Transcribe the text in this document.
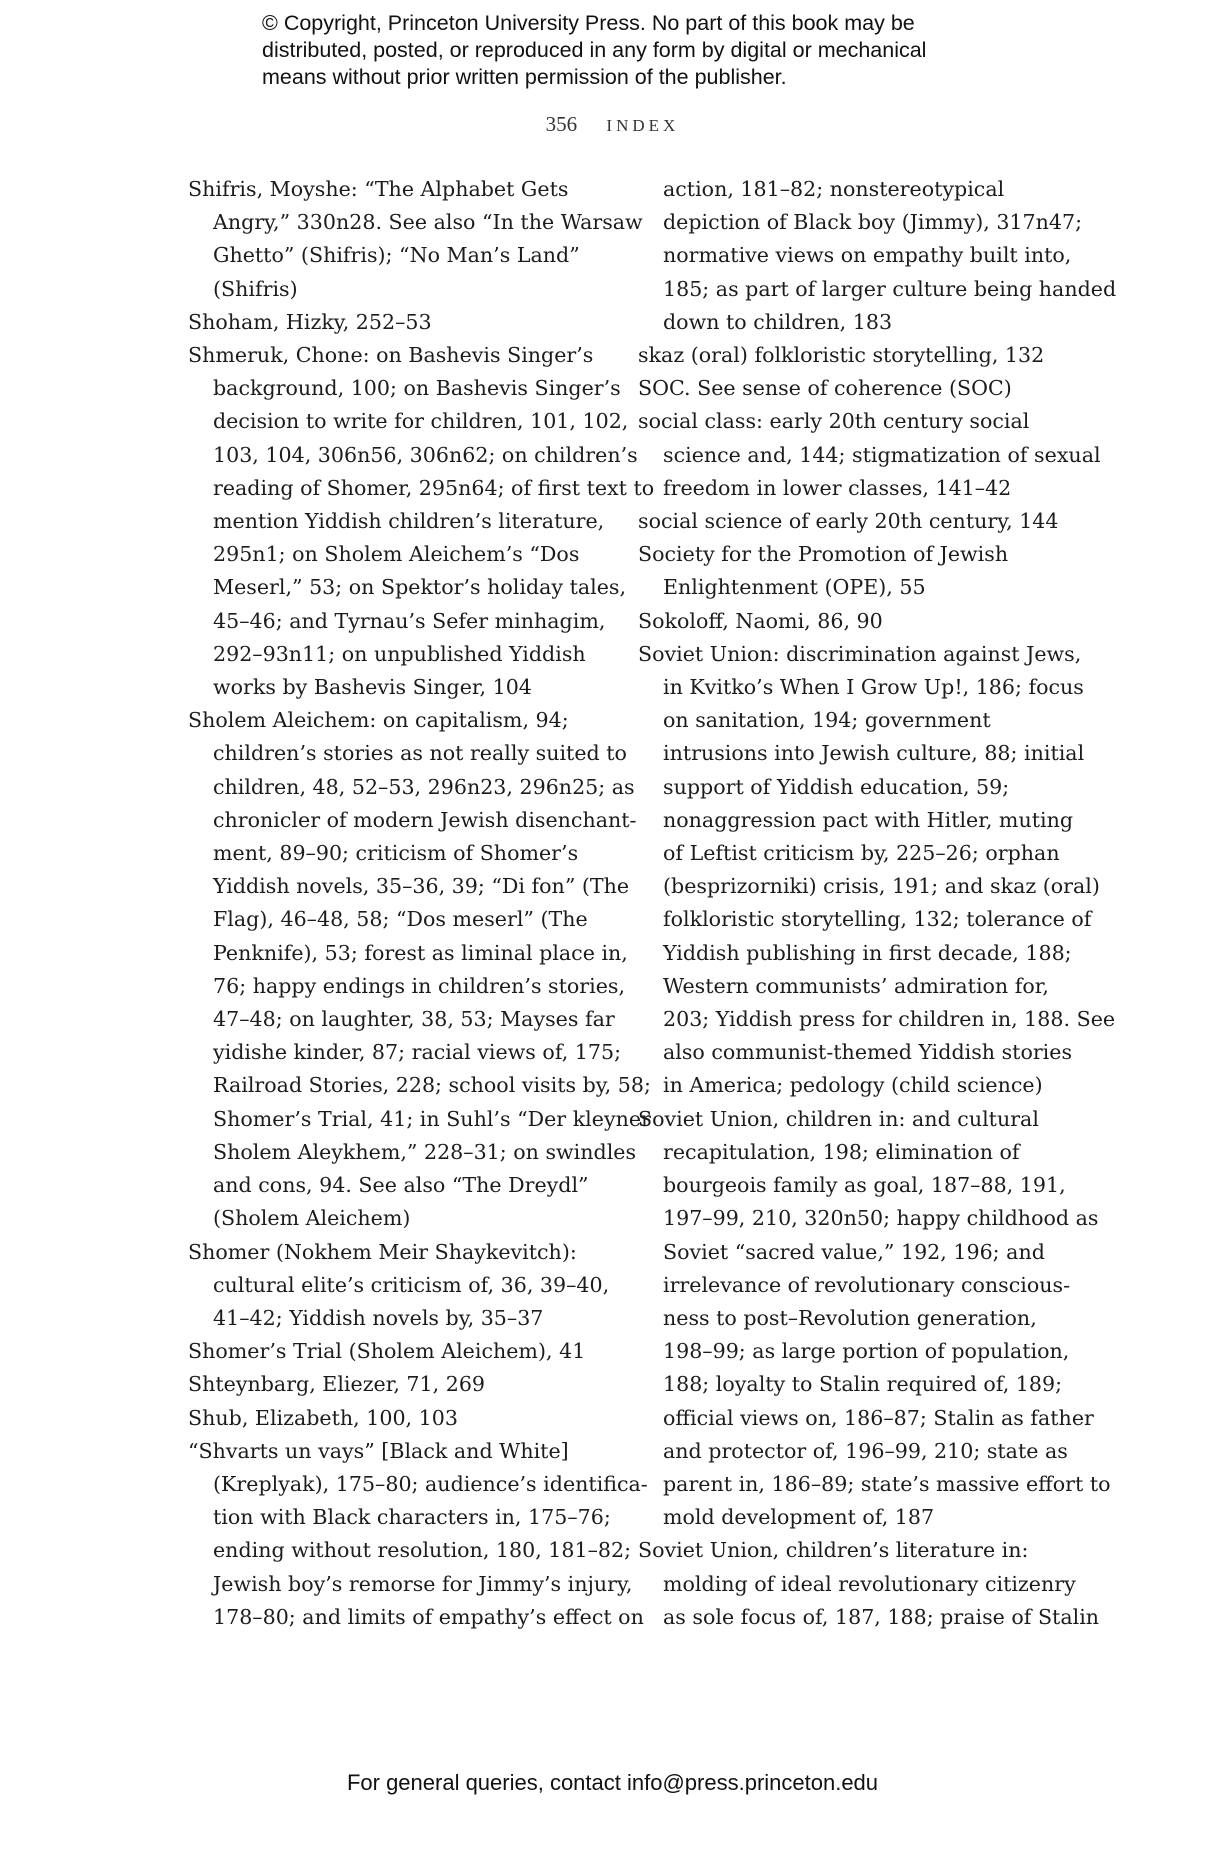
© Copyright, Princeton University Press. No part of this book may be
distributed, posted, or reproduced in any form by digital or mechanical
means without prior written permission of the publisher.
356 INDEX
Shifris, Moyshe: “The Alphabet Gets
Angry,” 330n28. See also “In the Warsaw
Ghetto” (Shifris); “No Man’s Land”
(Shifris)
Shoham, Hizky, 252–53
Shmeruk, Chone: on Bashevis Singer’s
background, 100; on Bashevis Singer’s
decision to write for children, 101, 102,
103, 104, 306n56, 306n62; on children’s
reading of Shomer, 295n64; of first text to
mention Yiddish children’s literature,
295n1; on Sholem Aleichem’s “Dos
Meserl,” 53; on Spektor’s holiday tales,
45–46; and Tyrnau’s Sefer minhagim,
292–93n11; on unpublished Yiddish
works by Bashevis Singer, 104
Sholem Aleichem: on capitalism, 94;
children’s stories as not really suited to
children, 48, 52–53, 296n23, 296n25; as
chronicler of modern Jewish disenchant-
ment, 89–90; criticism of Shomer’s
Yiddish novels, 35–36, 39; “Di fon” (The
Flag), 46–48, 58; “Dos meserl” (The
Penknife), 53; forest as liminal place in,
76; happy endings in children’s stories,
47–48; on laughter, 38, 53; Mayses far
yidishe kinder, 87; racial views of, 175;
Railroad Stories, 228; school visits by, 58;
Shomer’s Trial, 41; in Suhl’s “Der kleyner
Sholem Aleykhem,” 228–31; on swindles
and cons, 94. See also “The Dreydl”
(Sholem Aleichem)
Shomer (Nokhem Meir Shaykevitch):
cultural elite’s criticism of, 36, 39–40,
41–42; Yiddish novels by, 35–37
Shomer’s Trial (Sholem Aleichem), 41
Shteynbarg, Eliezer, 71, 269
Shub, Elizabeth, 100, 103
“Shvarts un vays” [Black and White]
(Kreplyak), 175–80; audience’s identifica-
tion with Black characters in, 175–76;
ending without resolution, 180, 181–82;
Jewish boy’s remorse for Jimmy’s injury,
178–80; and limits of empathy’s effect on
action, 181–82; nonstereotypical
depiction of Black boy (Jimmy), 317n47;
normative views on empathy built into,
185; as part of larger culture being handed
down to children, 183
skaz (oral) folkloristic storytelling, 132
SOC. See sense of coherence (SOC)
social class: early 20th century social
science and, 144; stigmatization of sexual
freedom in lower classes, 141–42
social science of early 20th century, 144
Society for the Promotion of Jewish
Enlightenment (OPE), 55
Sokoloff, Naomi, 86, 90
Soviet Union: discrimination against Jews,
in Kvitko’s When I Grow Up!, 186; focus
on sanitation, 194; government
intrusions into Jewish culture, 88; initial
support of Yiddish education, 59;
nonaggression pact with Hitler, muting
of Leftist criticism by, 225–26; orphan
(besprizorniki) crisis, 191; and skaz (oral)
folkloristic storytelling, 132; tolerance of
Yiddish publishing in first decade, 188;
Western communists’ admiration for,
203; Yiddish press for children in, 188. See
also communist-themed Yiddish stories
in America; pedology (child science)
Soviet Union, children in: and cultural
recapitulation, 198; elimination of
bourgeois family as goal, 187–88, 191,
197–99, 210, 320n50; happy childhood as
Soviet “sacred value,” 192, 196; and
irrelevance of revolutionary conscious-
ness to post–Revolution generation,
198–99; as large portion of population,
188; loyalty to Stalin required of, 189;
official views on, 186–87; Stalin as father
and protector of, 196–99, 210; state as
parent in, 186–89; state’s massive effort to
mold development of, 187
Soviet Union, children’s literature in:
molding of ideal revolutionary citizenry
as sole focus of, 187, 188; praise of Stalin
For general queries, contact info@press.princeton.edu
